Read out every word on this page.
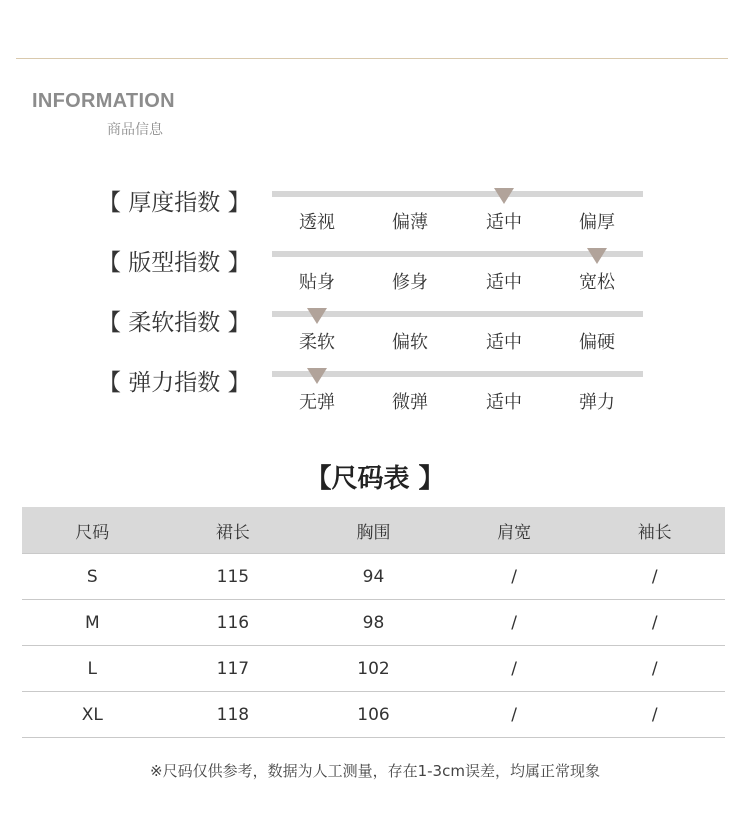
INFORMATION
商品信息
【 厚度指数 】
透视	偏薄	适中	偏厚
【 版型指数 】
贴身	修身	适中	宽松
【 柔软指数 】
柔软	偏软	适中	偏硬
【 弹力指数 】
无弹	微弹	适中	弹力
【尺码表 】
尺码	裙长	胸围	肩宽	袖长
S	115	94	/	/
M	116	98	/	/
L	117	102	/	/
XL	118	106	/	/
※尺码仅供参考，数据为人工测量，存在1-3cm误差，均属正常现象
